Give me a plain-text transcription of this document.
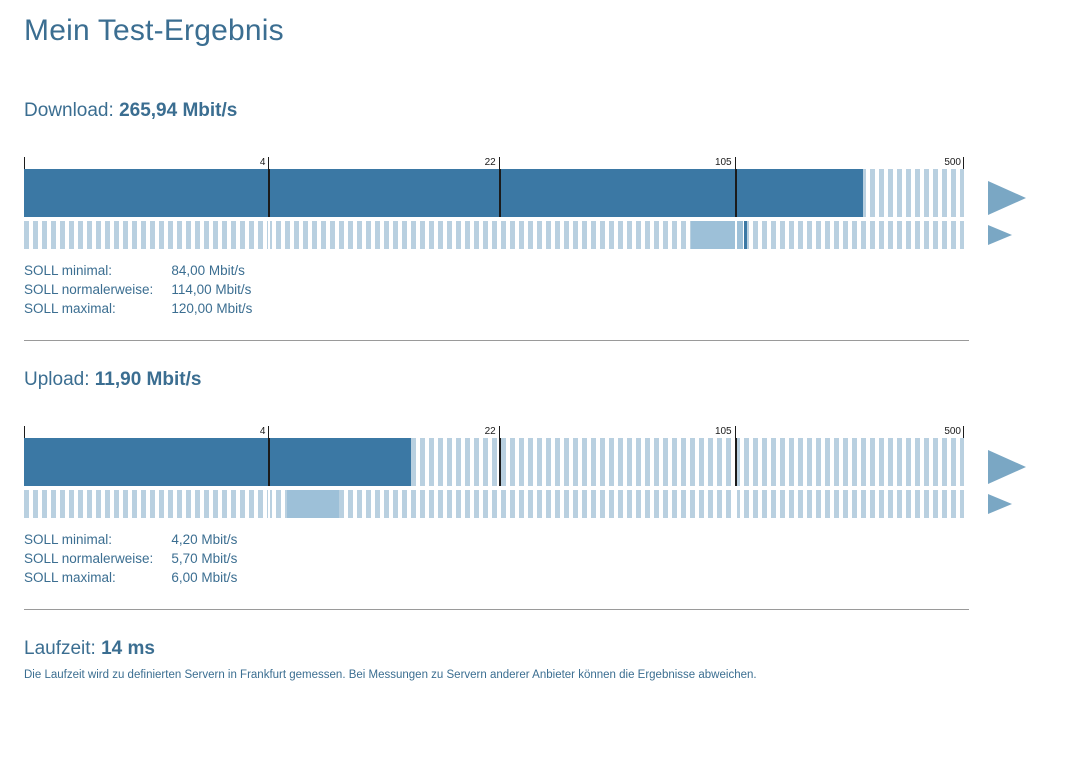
Mein Test-Ergebnis
Download: 265,94 Mbit/s
4	22	105	500
SOLL minimal:	84,00 Mbit/s
SOLL normalerweise:	114,00 Mbit/s
SOLL maximal:	120,00 Mbit/s
Upload: 11,90 Mbit/s
4	22	105	500
SOLL minimal:	4,20 Mbit/s
SOLL normalerweise:	5,70 Mbit/s
SOLL maximal:	6,00 Mbit/s
Laufzeit: 14 ms
Die Laufzeit wird zu definierten Servern in Frankfurt gemessen. Bei Messungen zu Servern anderer Anbieter können die Ergebnisse abweichen.
